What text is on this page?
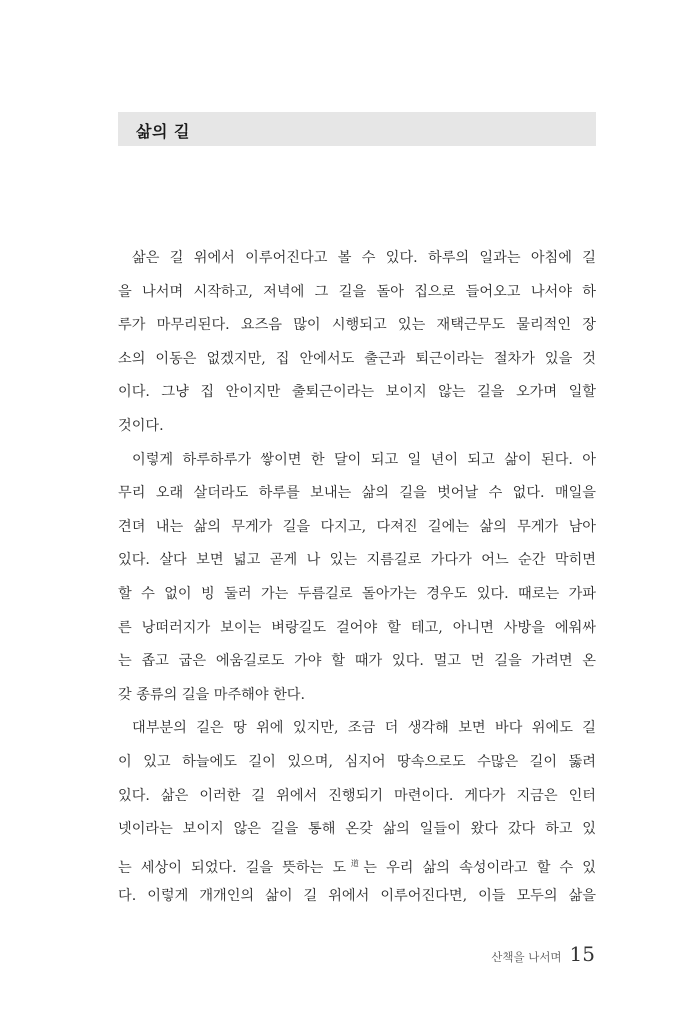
삶의 길
삶은 길 위에서 이루어진다고 볼 수 있다. 하루의 일과는 아침에 길
을 나서며 시작하고, 저녁에 그 길을 돌아 집으로 들어오고 나서야 하
루가 마무리된다. 요즈음 많이 시행되고 있는 재택근무도 물리적인 장
소의 이동은 없겠지만, 집 안에서도 출근과 퇴근이라는 절차가 있을 것
이다. 그냥 집 안이지만 출퇴근이라는 보이지 않는 길을 오가며 일할
것이다.
이렇게 하루하루가 쌓이면 한 달이 되고 일 년이 되고 삶이 된다. 아
무리 오래 살더라도 하루를 보내는 삶의 길을 벗어날 수 없다. 매일을
견뎌 내는 삶의 무게가 길을 다지고, 다져진 길에는 삶의 무게가 남아
있다. 살다 보면 넓고 곧게 나 있는 지름길로 가다가 어느 순간 막히면
할 수 없이 빙 둘러 가는 두름길로 돌아가는 경우도 있다. 때로는 가파
른 낭떠러지가 보이는 벼랑길도 걸어야 할 테고, 아니면 사방을 에워싸
는 좁고 굽은 에움길로도 가야 할 때가 있다. 멀고 먼 길을 가려면 온
갖 종류의 길을 마주해야 한다.
대부분의 길은 땅 위에 있지만, 조금 더 생각해 보면 바다 위에도 길
이 있고 하늘에도 길이 있으며, 심지어 땅속으로도 수많은 길이 뚫려
있다. 삶은 이러한 길 위에서 진행되기 마련이다. 게다가 지금은 인터
넷이라는 보이지 않은 길을 통해 온갖 삶의 일들이 왔다 갔다 하고 있
는 세상이 되었다. 길을 뜻하는 도$^道$는 우리 삶의 속성이라고 할 수 있
다. 이렇게 개개인의 삶이 길 위에서 이루어진다면, 이들 모두의 삶을
산책을 나서며 15
